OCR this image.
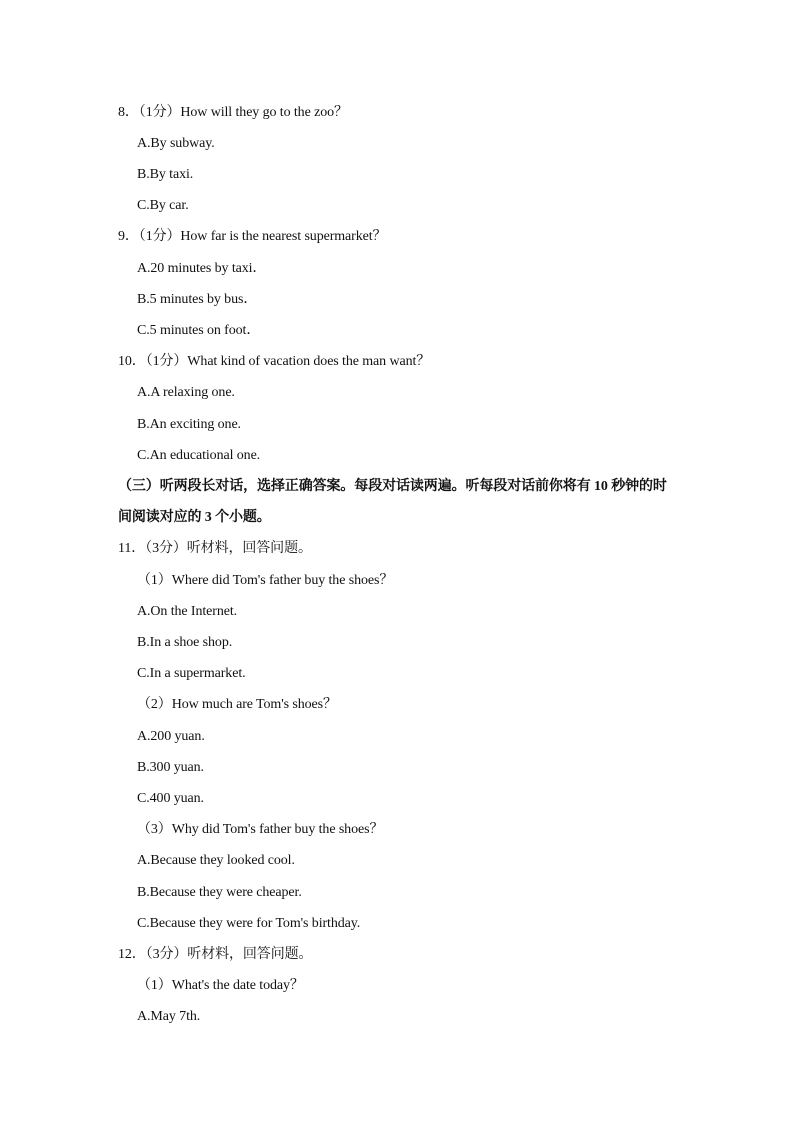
8．（1分）How will they go to the zoo？
A.By subway.
B.By taxi.
C.By car.
9．（1分）How far is the nearest supermarket？
A.20 minutes by taxi．
B.5 minutes by bus．
C.5 minutes on foot．
10．（1分）What kind of vacation does the man want？
A.A relaxing one.
B.An exciting one.
C.An educational one.
（三）听两段长对话，选择正确答案。每段对话读两遍。听每段对话前你将有 10 秒钟的时
间阅读对应的 3 个小题。
11．（3分）听材料，回答问题。
（1）Where did Tom's father buy the shoes？
A.On the Internet.
B.In a shoe shop.
C.In a supermarket.
（2）How much are Tom's shoes？
A.200 yuan.
B.300 yuan.
C.400 yuan.
（3）Why did Tom's father buy the shoes？
A.Because they looked cool.
B.Because they were cheaper.
C.Because they were for Tom's birthday.
12．（3分）听材料，回答问题。
（1）What's the date today？
A.May 7th.
